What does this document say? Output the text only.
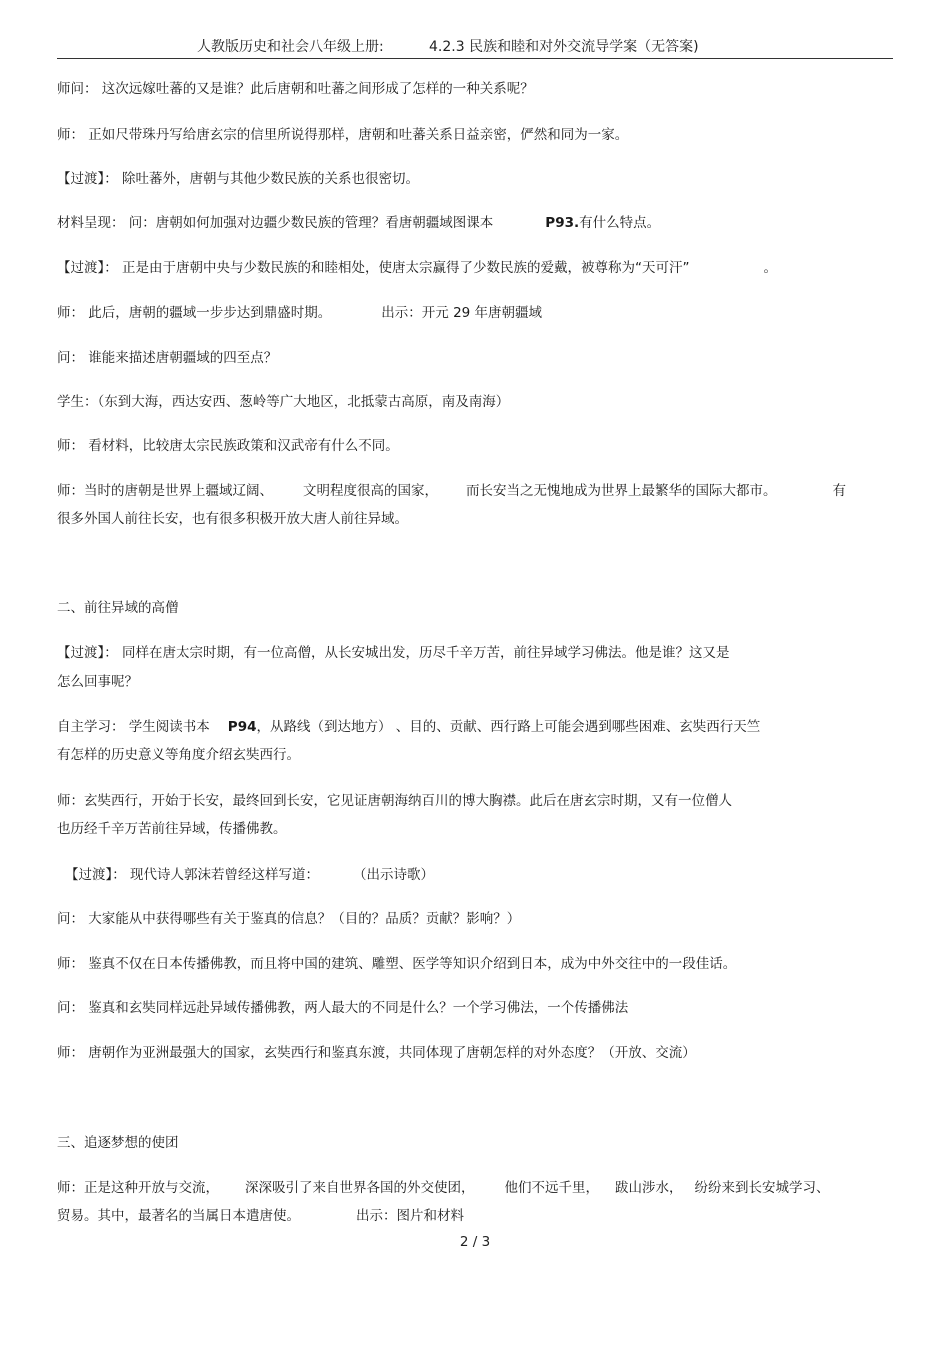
人教版历史和社会八年级上册:	4.2.3 民族和睦和对外交流导学案（无答案)
师问： 这次远嫁吐蕃的又是谁？此后唐朝和吐蕃之间形成了怎样的一种关系呢？
师： 正如尺带珠丹写给唐玄宗的信里所说得那样，唐朝和吐蕃关系日益亲密，俨然和同为一家。
【过渡】： 除吐蕃外，唐朝与其他少数民族的关系也很密切。
材料呈现： 问：唐朝如何加强对边疆少数民族的管理？看唐朝疆域图课本	P93.有什么特点。
【过渡】： 正是由于唐朝中央与少数民族的和睦相处，使唐太宗赢得了少数民族的爱戴，被尊称为“天可汗”	。
师： 此后，唐朝的疆域一步步达到鼎盛时期。	出示：开元 29 年唐朝疆域
问： 谁能来描述唐朝疆域的四至点？
学生：（东到大海，西达安西、葱岭等广大地区，北抵蒙古高原，南及南海）
师： 看材料，比较唐太宗民族政策和汉武帝有什么不同。
师：当时的唐朝是世界上疆域辽阔、 文明程度很高的国家， 而长安当之无愧地成为世界上最繁华的国际大都市。	有
很多外国人前往长安，也有很多积极开放大唐人前往异域。
二、前往异域的高僧
【过渡】： 同样在唐太宗时期，有一位高僧，从长安城出发，历尽千辛万苦，前往异域学习佛法。他是谁？这又是
怎么回事呢？
自主学习： 学生阅读书本 P94，从路线（到达地方） 、目的、贡献、西行路上可能会遇到哪些困难、玄奘西行天竺
有怎样的历史意义等角度介绍玄奘西行。
师：玄奘西行，开始于长安，最终回到长安，它见证唐朝海纳百川的博大胸襟。此后在唐玄宗时期，又有一位僧人
也历经千辛万苦前往异域，传播佛教。
【过渡】： 现代诗人郭沫若曾经这样写道：	（出示诗歌）
问： 大家能从中获得哪些有关于鉴真的信息？（目的？品质？贡献？影响？）
师： 鉴真不仅在日本传播佛教，而且将中国的建筑、雕塑、医学等知识介绍到日本，成为中外交往中的一段佳话。
问： 鉴真和玄奘同样远赴异域传播佛教，两人最大的不同是什么？一个学习佛法，一个传播佛法
师： 唐朝作为亚洲最强大的国家，玄奘西行和鉴真东渡，共同体现了唐朝怎样的对外态度？（开放、交流）
三、追逐梦想的使团
师：正是这种开放与交流， 深深吸引了来自世界各国的外交使团， 他们不远千里， 跋山涉水， 纷纷来到长安城学习、
贸易。其中，最著名的当属日本遣唐使。	出示：图片和材料
2 / 3
